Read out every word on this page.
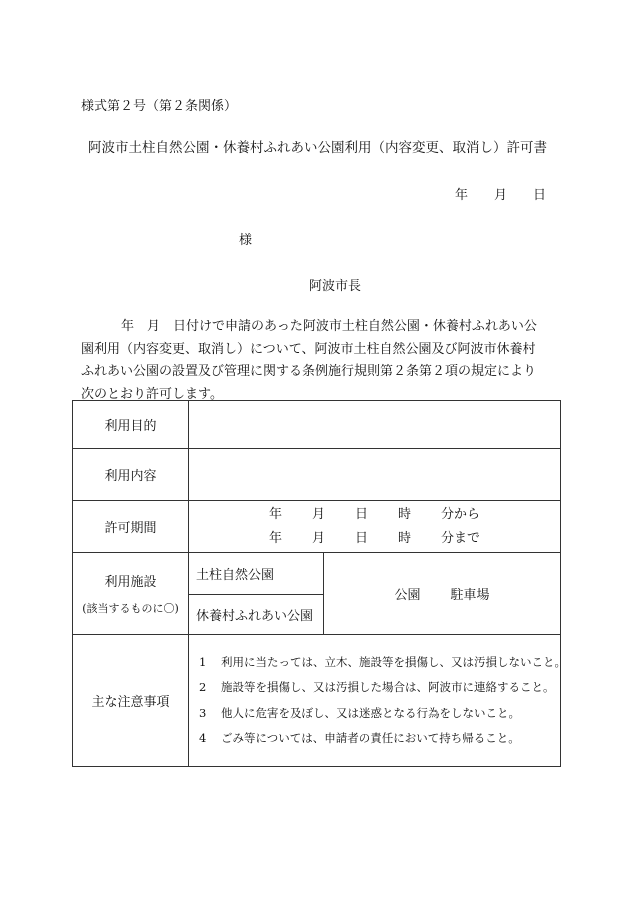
様式第２号（第２条関係）
阿波市土柱自然公園・休養村ふれあい公園利用（内容変更、取消し）許可書
年 月 日
様
阿波市長
年　月　日付けで申請のあった阿波市土柱自然公園・休養村ふれあい公
園利用（内容変更、取消し）について、阿波市土柱自然公園及び阿波市休養村
ふれあい公園の設置及び管理に関する条例施行規則第２条第２項の規定により
次のとおり許可します。
利用目的		
利用内容		
許可期間	年 月 日 時 分から
年 月 日 時 分まで	

利用施設
(該当するものに〇)	土柱自然公園	公園 駐車場
	休養村ふれあい公園	
主な注意事項	1 利用に当たっては、立木、施設等を損傷し、又は汚損しないこと。
2 施設等を損傷し、又は汚損した場合は、阿波市に連絡すること。
3 他人に危害を及ぼし、又は迷惑となる行為をしないこと。
4 ごみ等については、申請者の責任において持ち帰ること。	
